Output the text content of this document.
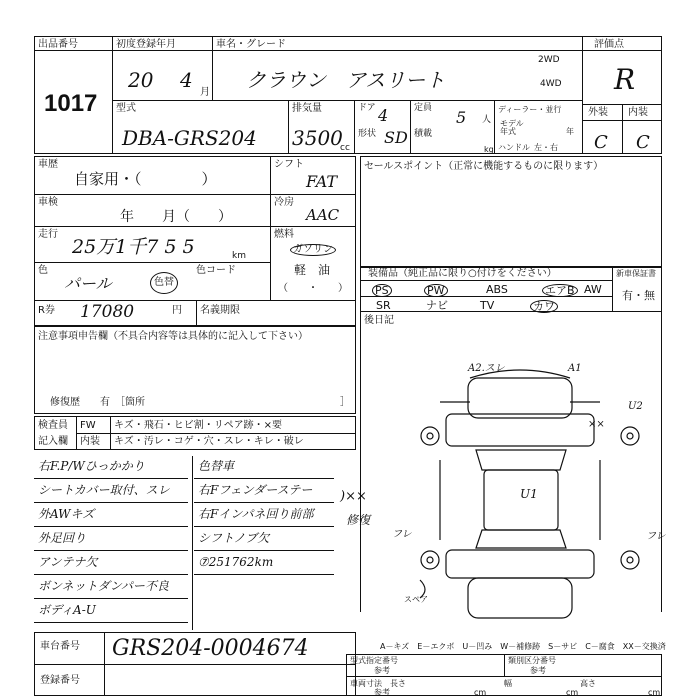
出品番号
1017
初度登録年月
20 4
月
車名・グレード
クラウン　アスリート
2WD
4WD
評価点
R
型式
DBA-GRS204
排気量
3500
cc
ドア 4
形状 SD
定員 5 人
積載
kg
ディーラー・並行
モデル年式	年
ハンドル 左・右
外装 内装
C C
車歴
自家用・（　　　　）
車検
年　　月（　　）
走行
25万1千7 5 5	km
色
パール	色替
色コード
R券 17080	円 名義期限
シフト
FAT
冷房
AAC
燃料
ガソリン
軽　油
（　　・　　）
注意事項申告欄（不具合内容等は具体的に記入して下さい）
修復歴　　有　［箇所	］
検査員
記入欄
FW キズ・飛石・ヒビ割・リペア跡・×要
内装 キズ・汚レ・コゲ・穴・スレ・キレ・破レ
セールスポイント（正常に機能するものに限ります）
装備品（純正品に限り○付けをください）	新車保証書
有・無
PS	PW	ABS	エアB AW
SR	ナビ	TV	カワ
後日記
A2.スレ	A1
U2
××
U1
フレ	フレ
スペア
右F.P/Wひっかかり
シートカバー取付、スレ
外AWキズ
外足回り
アンテナ欠
ボンネットダンパー不良
ボディA-U
色替車
右Fフェンダーステー
右Fインパネ回り前部
シフトノブ欠
⑦251762km
)××
修復
車台番号 GRS204-0004674
登録番号
A－キズ　E－エクボ　U－凹み　W－補修跡　S－サビ　C－腐食　XX－交換済
型式指定番号
参考
類別区分番号
参考
車両寸法　長さ
参考	cm
幅
cm
高さ
cm
